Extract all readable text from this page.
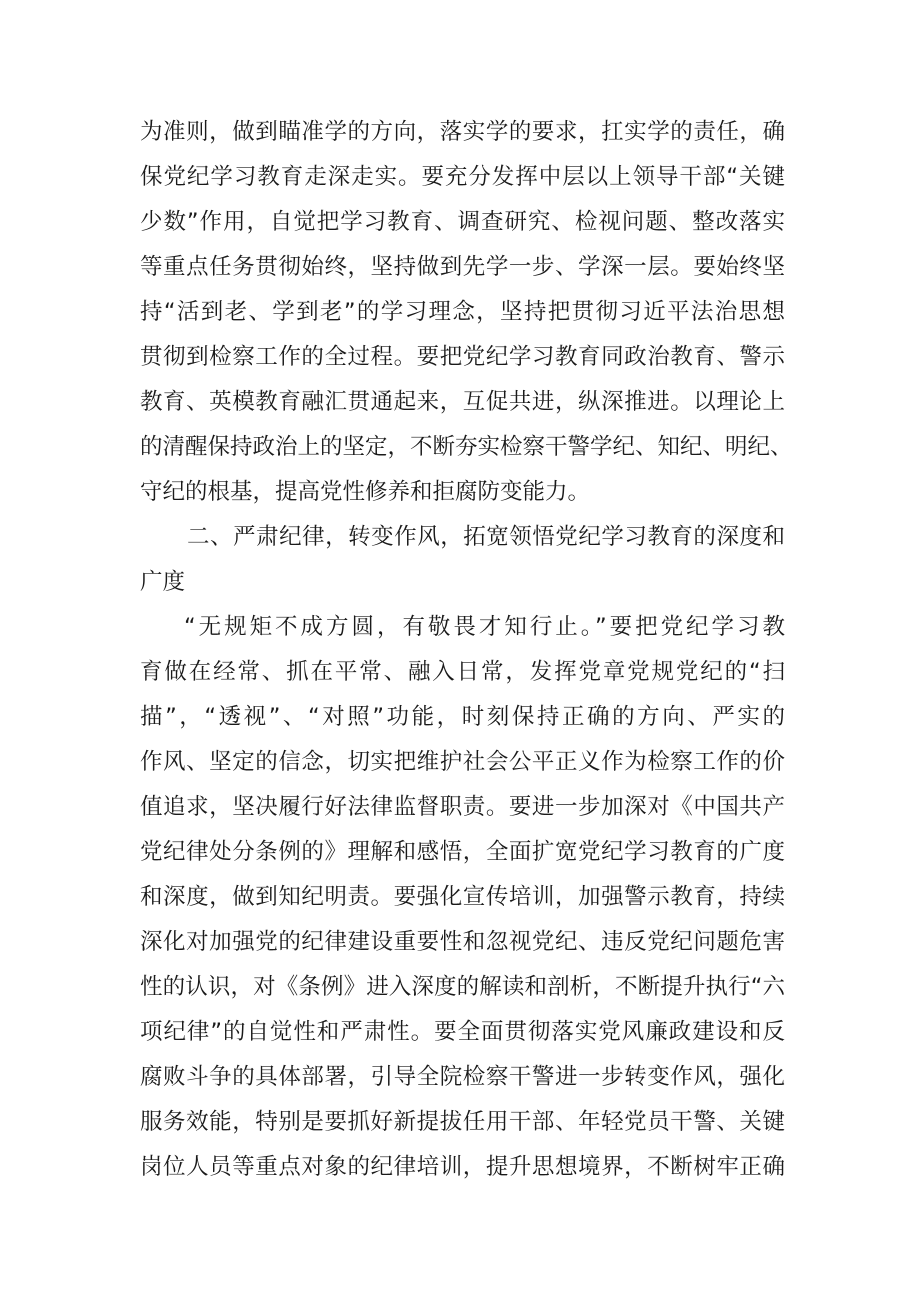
为准则，做到瞄准学的方向，落实学的要求，扛实学的责任，确
保党纪学习教育走深走实。要充分发挥中层以上领导干部“关键
少数”作用，自觉把学习教育、调查研究、检视问题、整改落实
等重点任务贯彻始终，坚持做到先学一步、学深一层。要始终坚
持“活到老、学到老”的学习理念，坚持把贯彻习近平法治思想
贯彻到检察工作的全过程。要把党纪学习教育同政治教育、警示
教育、英模教育融汇贯通起来，互促共进，纵深推进。以理论上
的清醒保持政治上的坚定，不断夯实检察干警学纪、知纪、明纪、
守纪的根基，提高党性修养和拒腐防变能力。
二、严肃纪律，转变作风，拓宽领悟党纪学习教育的深度和
广度
“无规矩不成方圆，有敬畏才知行止。”要把党纪学习教
育做在经常、抓在平常、融入日常，发挥党章党规党纪的“扫
描”，“透视”、“对照”功能，时刻保持正确的方向、严实的
作风、坚定的信念，切实把维护社会公平正义作为检察工作的价
值追求，坚决履行好法律监督职责。要进一步加深对《中国共产
党纪律处分条例的》理解和感悟，全面扩宽党纪学习教育的广度
和深度，做到知纪明责。要强化宣传培训，加强警示教育，持续
深化对加强党的纪律建设重要性和忽视党纪、违反党纪问题危害
性的认识，对《条例》进入深度的解读和剖析，不断提升执行“六
项纪律”的自觉性和严肃性。要全面贯彻落实党风廉政建设和反
腐败斗争的具体部署，引导全院检察干警进一步转变作风，强化
服务效能，特别是要抓好新提拔任用干部、年轻党员干警、关键
岗位人员等重点对象的纪律培训，提升思想境界，不断树牢正确
